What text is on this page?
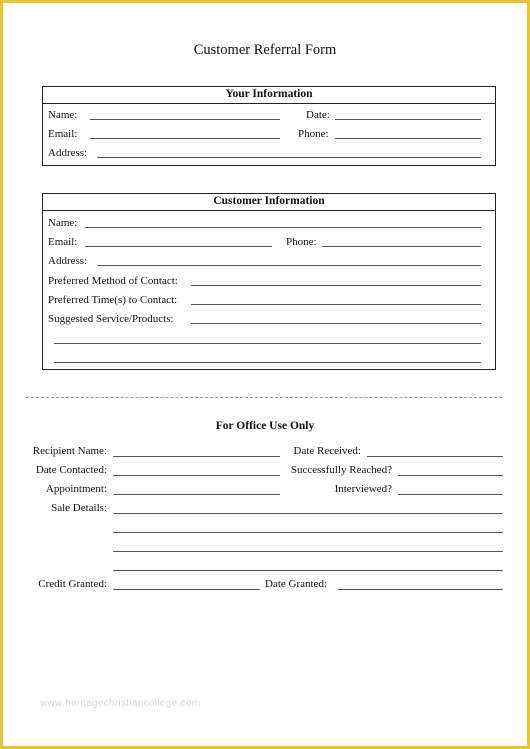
Customer Referral Form
Your Information
Name:	Date:
Email:	Phone:
Address:
Customer Information
Name:
Email:	Phone:
Address:
Preferred Method of Contact:
Preferred Time(s) to Contact:
Suggested Service/Products:
For Office Use Only
Recipient Name:	Date Received:
Date Contacted:	Successfully Reached?
Appointment:	Interviewed?
Sale Details:
Credit Granted:	Date Granted:
www.heritagechristiancollege.com
